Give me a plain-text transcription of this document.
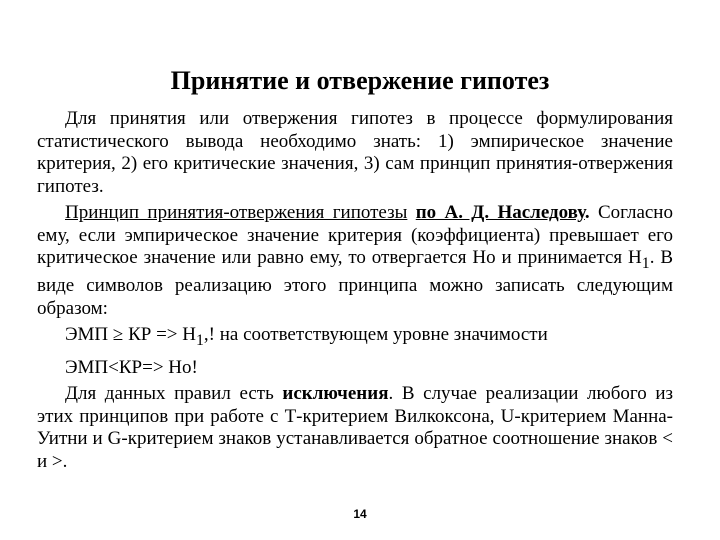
Принятие и отвержение гипотез

Для принятия или отвержения гипотез в процессе формулирования статистического вывода необходимо знать: 1) эмпирическое значение критерия, 2) его критические значения, 3) сам принцип принятия-отвержения гипотез.

Принцип принятия-отвержения гипотезы по А. Д. Наследову. Согласно ему, если эмпирическое значение критерия (коэффициента) превышает его критическое значение или равно ему, то отвергается Но и принимается $Н_1$. В виде символов реализацию этого принципа можно записать следующим образом:

ЭМП ≥ КР => $Н_1$,! на соответствующем уровне значимости

ЭМП<КР=> Но!

Для данных правил есть исключения. В случае реализации любого из этих принципов при работе с Т-критерием Вилкоксона, U-критерием Манна-Уитни и G-критерием знаков устанавливается обратное соотношение знаков < и >.

14
